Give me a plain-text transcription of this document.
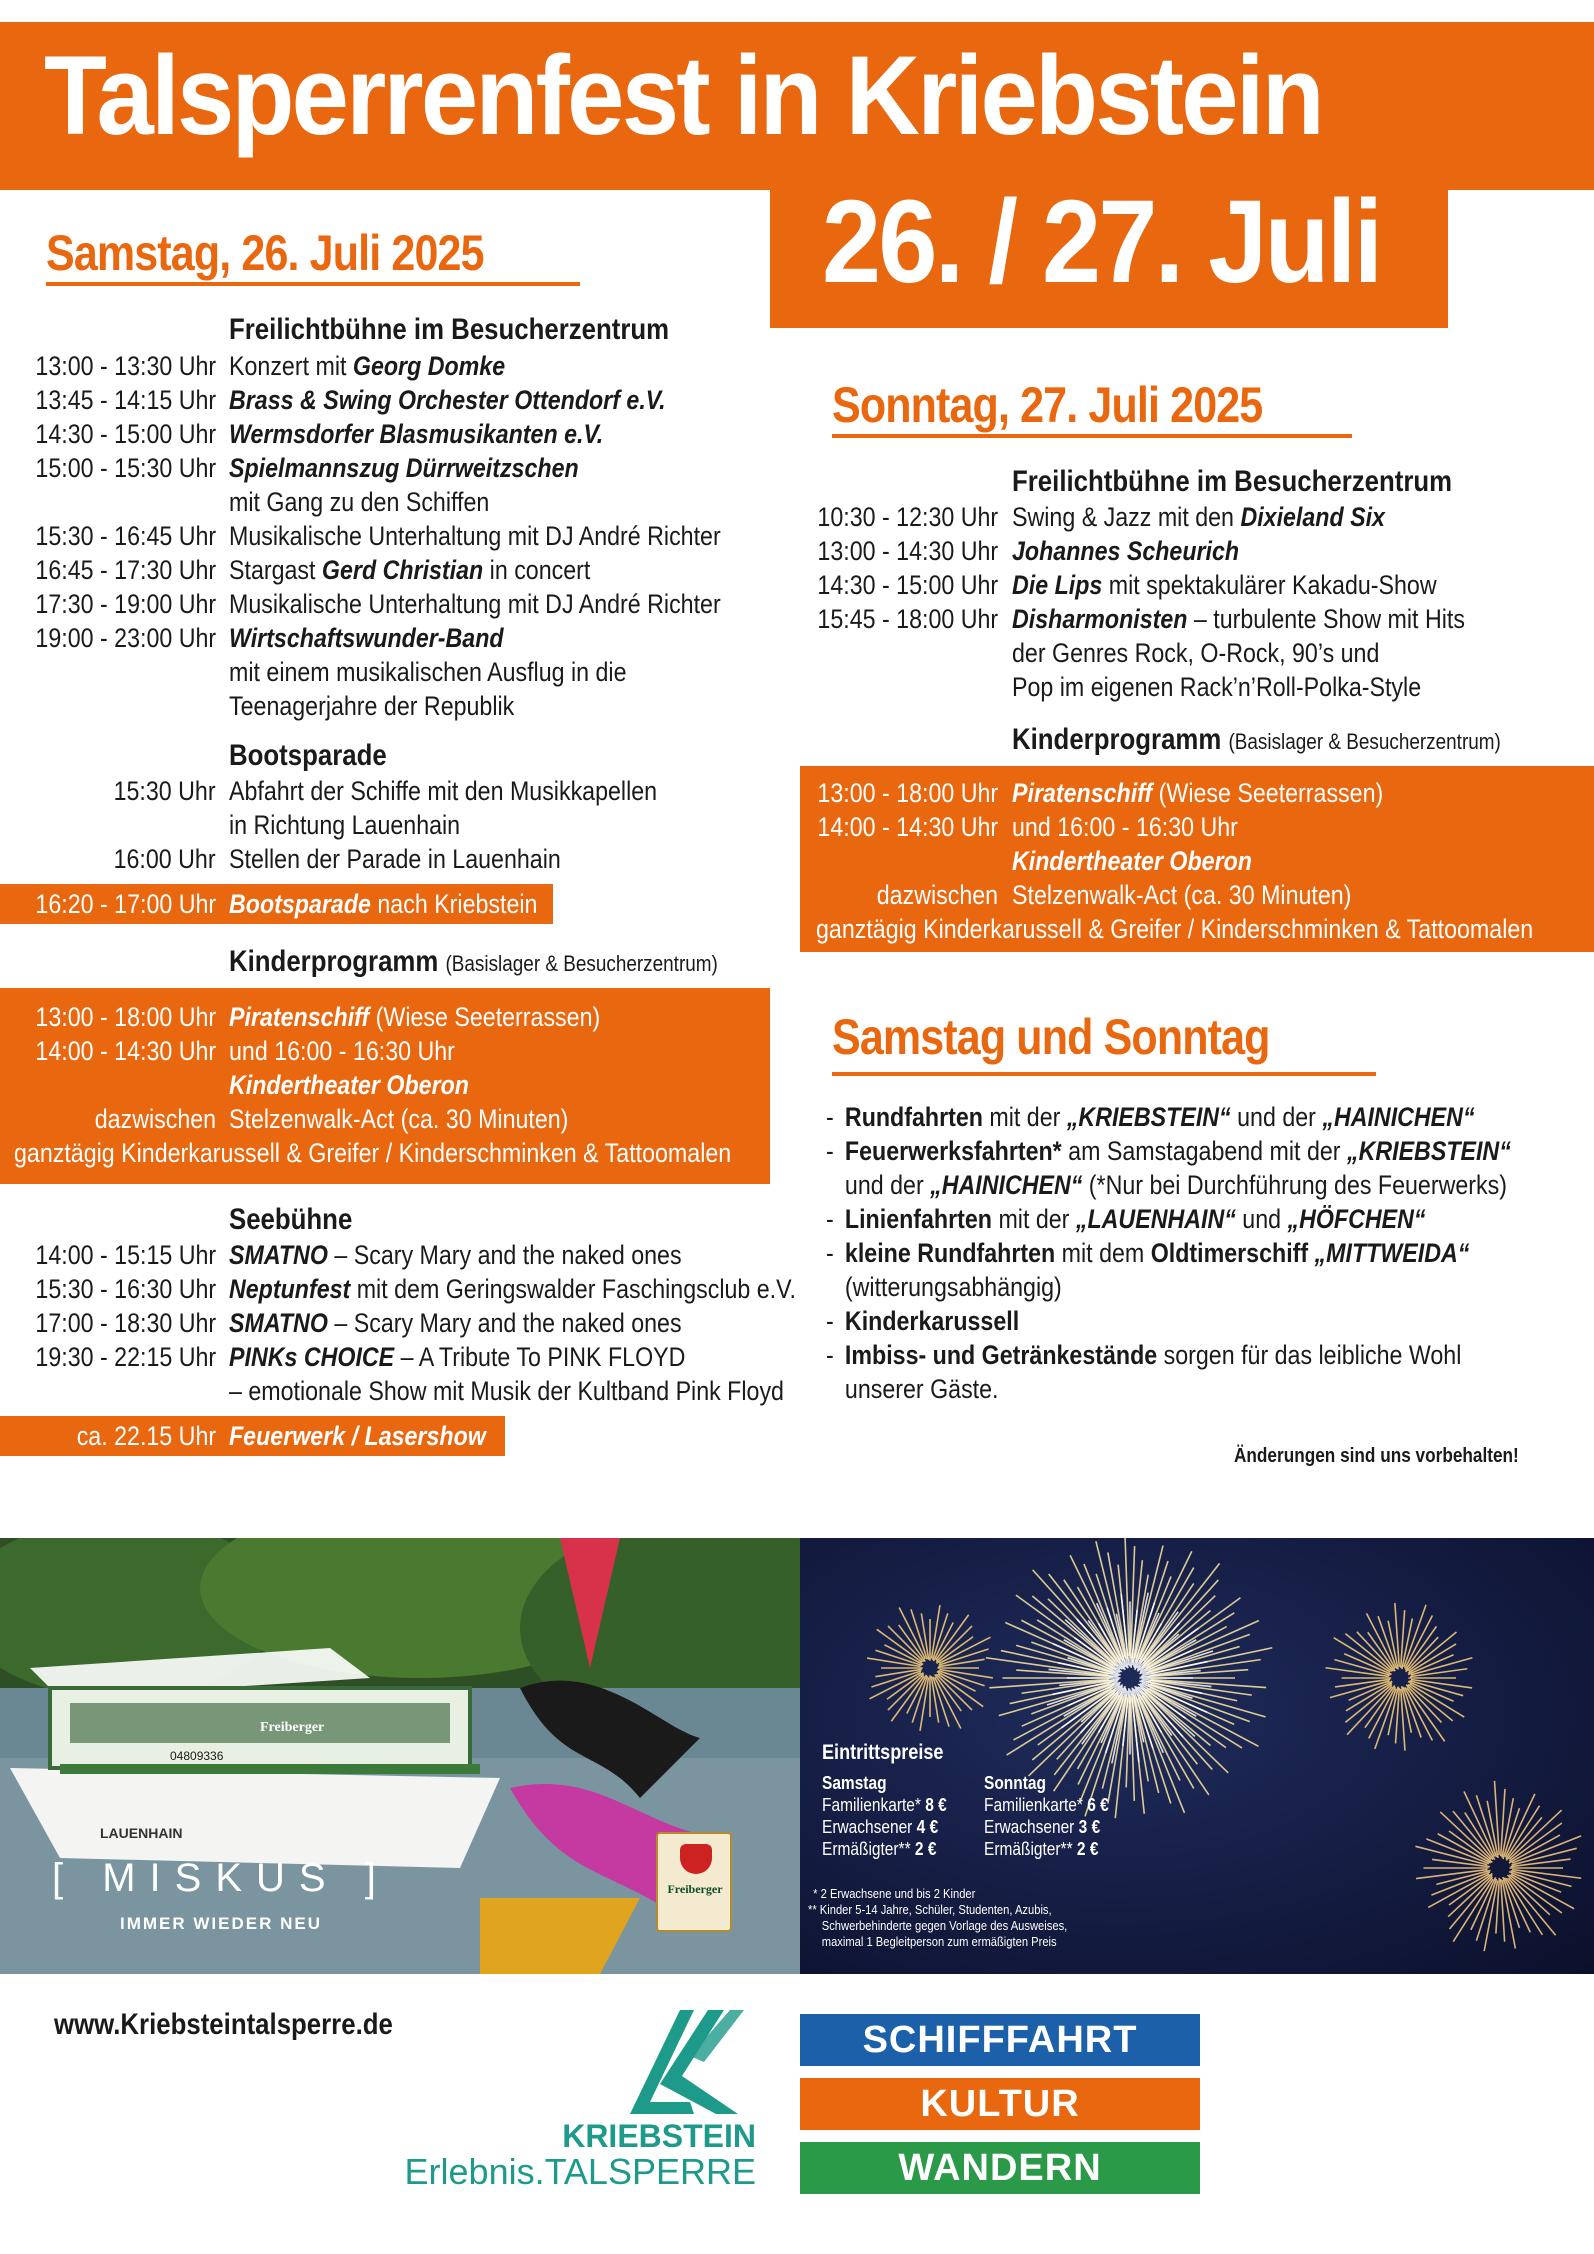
Talsperrenfest in Kriebstein
26. / 27. Juli
Samstag, 26. Juli 2025
Freilichtbühne im Besucherzentrum
13:00 - 13:30 Uhr Konzert mit Georg Domke
13:45 - 14:15 Uhr Brass & Swing Orchester Ottendorf e.V.
14:30 - 15:00 Uhr Wermsdorfer Blasmusikanten e.V.
15:00 - 15:30 Uhr Spielmannszug Dürrweitzschen
mit Gang zu den Schiffen
15:30 - 16:45 Uhr Musikalische Unterhaltung mit DJ André Richter
16:45 - 17:30 Uhr Stargast Gerd Christian in concert
17:30 - 19:00 Uhr Musikalische Unterhaltung mit DJ André Richter
19:00 - 23:00 Uhr Wirtschaftswunder-Band
mit einem musikalischen Ausflug in die
Teenagerjahre der Republik
Bootsparade
15:30 Uhr Abfahrt der Schiffe mit den Musikkapellen
in Richtung Lauenhain
16:00 Uhr Stellen der Parade in Lauenhain
16:20 - 17:00 Uhr Bootsparade nach Kriebstein
Kinderprogramm (Basislager & Besucherzentrum)
13:00 - 18:00 Uhr Piratenschiff (Wiese Seeterrassen)
14:00 - 14:30 Uhr und 16:00 - 16:30 Uhr
Kindertheater Oberon
dazwischen Stelzenwalk-Act (ca. 30 Minuten)
ganztägig Kinderkarussell & Greifer / Kinderschminken & Tattoomalen
Seebühne
14:00 - 15:15 Uhr SMATNO – Scary Mary and the naked ones
15:30 - 16:30 Uhr Neptunfest mit dem Geringswalder Faschingsclub e.V.
17:00 - 18:30 Uhr SMATNO – Scary Mary and the naked ones
19:30 - 22:15 Uhr PINKs CHOICE – A Tribute To PINK FLOYD
– emotionale Show mit Musik der Kultband Pink Floyd
ca. 22.15 Uhr Feuerwerk / Lasershow
Sonntag, 27. Juli 2025
Freilichtbühne im Besucherzentrum
10:30 - 12:30 Uhr Swing & Jazz mit den Dixieland Six
13:00 - 14:30 Uhr Johannes Scheurich
14:30 - 15:00 Uhr Die Lips mit spektakulärer Kakadu-Show
15:45 - 18:00 Uhr Disharmonisten – turbulente Show mit Hits
der Genres Rock, O-Rock, 90’s und
Pop im eigenen Rack’n’Roll-Polka-Style
Kinderprogramm (Basislager & Besucherzentrum)
13:00 - 18:00 Uhr Piratenschiff (Wiese Seeterrassen)
14:00 - 14:30 Uhr und 16:00 - 16:30 Uhr
Kindertheater Oberon
dazwischen Stelzenwalk-Act (ca. 30 Minuten)
ganztägig Kinderkarussell & Greifer / Kinderschminken & Tattoomalen
Samstag und Sonntag
- Rundfahrten mit der „KRIEBSTEIN“ und der „HAINICHEN“
- Feuerwerksfahrten* am Samstagabend mit der „KRIEBSTEIN“
und der „HAINICHEN“ (*Nur bei Durchführung des Feuerwerks)
- Linienfahrten mit der „LAUENHAIN“ und „HÖFCHEN“
- kleine Rundfahrten mit dem Oldtimerschiff „MITTWEIDA“
(witterungsabhängig)
- Kinderkarussell
- Imbiss- und Getränkestände sorgen für das leibliche Wohl
unserer Gäste.
Änderungen sind uns vorbehalten!
LAUENHAIN
04809336
Freiberger
[ MISKUS ]
IMMER WIEDER NEU
Freiberger
Eintrittspreise
Samstag
Familienkarte* 8 €
Erwachsener 4 €
Ermäßigter** 2 €
Sonntag
Familienkarte* 6 €
Erwachsener 3 €
Ermäßigter** 2 €
* 2 Erwachsene und bis 2 Kinder
** Kinder 5-14 Jahre, Schüler, Studenten, Azubis,
Schwerbehinderte gegen Vorlage des Ausweises,
maximal 1 Begleitperson zum ermäßigten Preis
www.Kriebsteintalsperre.de
KRIEBSTEIN
Erlebnis.TALSPERRE
SCHIFFFAHRT
KULTUR
WANDERN
